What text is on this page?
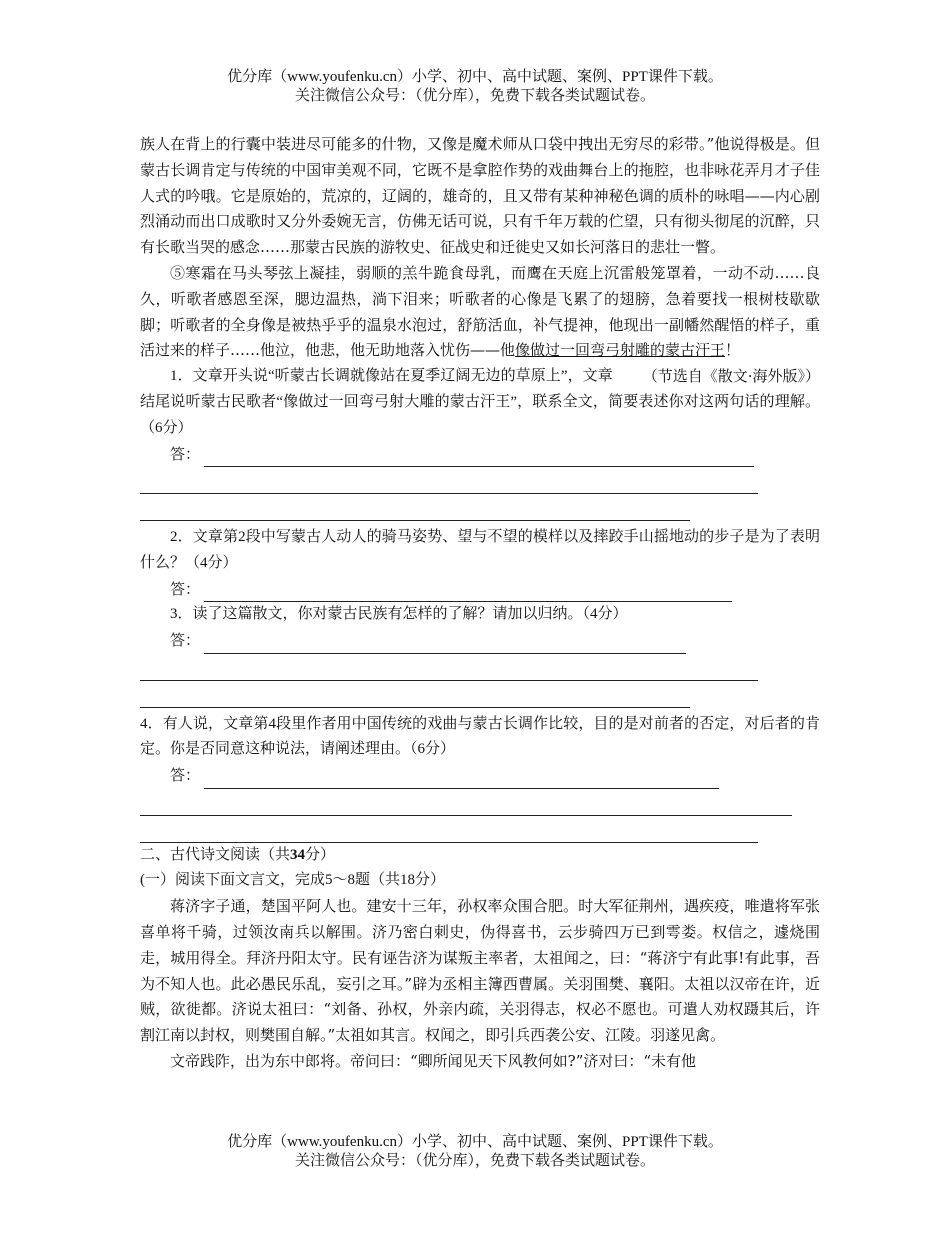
优分库（www.youfenku.cn）小学、初中、高中试题、案例、PPT课件下载。
关注微信公众号：（优分库），免费下载各类试题试卷。

族人在背上的行囊中装进尽可能多的什物，又像是魔术师从口袋中拽出无穷尽的彩带。”他说得极是。但蒙古长调肯定与传统的中国审美观不同，它既不是拿腔作势的戏曲舞台上的拖腔，也非咏花弄月才子佳人式的吟哦。它是原始的，荒凉的，辽阔的，雄奇的，且又带有某种神秘色调的质朴的咏唱——内心剧烈涌动而出口成歌时又分外委婉无言，仿佛无话可说，只有千年万载的伫望，只有彻头彻尾的沉醉，只有长歌当哭的感念……那蒙古民族的游牧史、征战史和迁徙史又如长河落日的悲壮一瞥。

⑤寒霜在马头琴弦上凝挂，弱顺的羔牛跪食母乳，而鹰在天庭上沉雷般笼罩着，一动不动……良久，听歌者感恩至深，腮边温热，淌下泪来；听歌者的心像是飞累了的翅膀，急着要找一根树枝歇歇脚；听歌者的全身像是被热乎乎的温泉水泡过，舒筋活血，补气提神，他现出一副幡然醒悟的样子，重活过来的样子……他泣，他悲，他无助地落入忧伤——他像做过一回弯弓射雕的蒙古汗王！
（节选自《散文·海外版》）

1．文章开头说“听蒙古长调就像站在夏季辽阔无边的草原上”，文章结尾说听蒙古民歌者“像做过一回弯弓射大雕的蒙古汗王”，联系全文，简要表述你对这两句话的理解。（6分）

答：

2．文章第2段中写蒙古人动人的骑马姿势、望与不望的模样以及摔跤手山摇地动的步子是为了表明什么？（4分）

答：

3．读了这篇散文，你对蒙古民族有怎样的了解？请加以归纳。（4分）

答：

4．有人说，文章第4段里作者用中国传统的戏曲与蒙古长调作比较，目的是对前者的否定，对后者的肯定。你是否同意这种说法，请阐述理由。（6分）

答：

二、古代诗文阅读（共34分）

(一）阅读下面文言文，完成5～8题（共18分）

蒋济字子通，楚国平阿人也。建安十三年，孙权率众围合肥。时大军征荆州，遇疾疫，唯遣将军张喜单将千骑，过领汝南兵以解围。济乃密白刺史，伪得喜书，云步骑四万已到雩娄。权信之，遽烧围走，城用得全。拜济丹阳太守。民有诬告济为谋叛主率者，太祖闻之，曰：“蒋济宁有此事!有此事，吾为不知人也。此必愚民乐乱，妄引之耳。”辟为丞相主簿西曹属。关羽围樊、襄阳。太祖以汉帝在许，近贼，欲徙都。济说太祖曰：“刘备、孙权，外亲内疏，关羽得志，权必不愿也。可遣人劝权蹑其后，许割江南以封权，则樊围自解。”太祖如其言。权闻之，即引兵西袭公安、江陵。羽遂见禽。

文帝践阼，出为东中郎将。帝问曰：“卿所闻见天下风教何如?”济对曰：“未有他

优分库（www.youfenku.cn）小学、初中、高中试题、案例、PPT课件下载。
关注微信公众号：（优分库），免费下载各类试题试卷。
